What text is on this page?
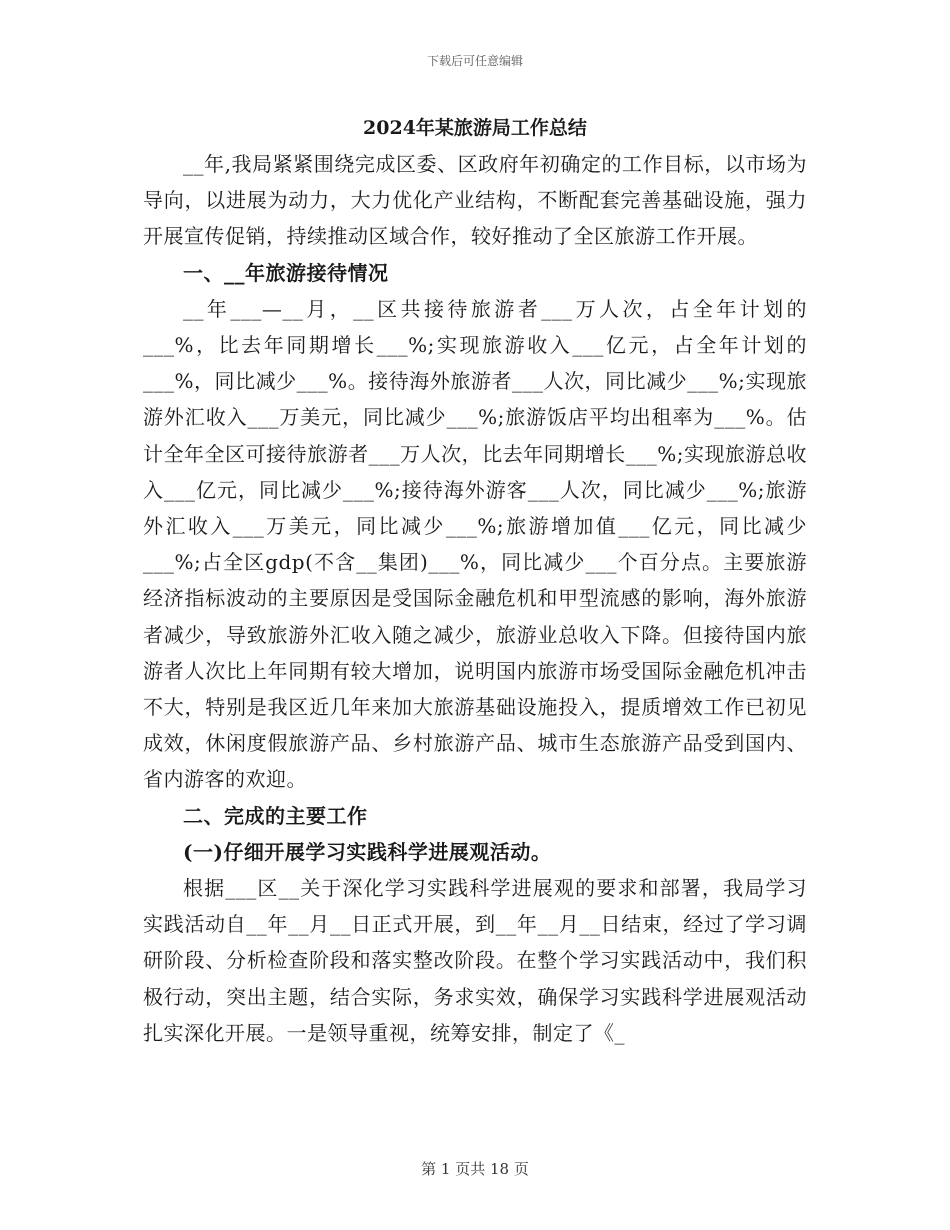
下载后可任意编辑
2024年某旅游局工作总结

__年,我局紧紧围绕完成区委、区政府年初确定的工作目标，以市场为导向，以进展为动力，大力优化产业结构，不断配套完善基础设施，强力开展宣传促销，持续推动区域合作，较好推动了全区旅游工作开展。

一、__年旅游接待情况

__年___—__月，__区共接待旅游者___万人次，占全年计划的___%，比去年同期增长___%;实现旅游收入___亿元，占全年计划的___%，同比减少___%。接待海外旅游者___人次，同比减少___%;实现旅游外汇收入___万美元，同比减少___%;旅游饭店平均出租率为___%。估计全年全区可接待旅游者___万人次，比去年同期增长___%;实现旅游总收入___亿元，同比减少___%;接待海外游客___人次，同比减少___%;旅游外汇收入___万美元，同比减少___%;旅游增加值___亿元，同比减少___%;占全区gdp(不含__集团)___%，同比减少___个百分点。主要旅游经济指标波动的主要原因是受国际金融危机和甲型流感的影响，海外旅游者减少，导致旅游外汇收入随之减少，旅游业总收入下降。但接待国内旅游者人次比上年同期有较大增加，说明国内旅游市场受国际金融危机冲击不大，特别是我区近几年来加大旅游基础设施投入，提质增效工作已初见成效，休闲度假旅游产品、乡村旅游产品、城市生态旅游产品受到国内、省内游客的欢迎。

二、完成的主要工作

(一)仔细开展学习实践科学进展观活动。

根据___区__关于深化学习实践科学进展观的要求和部署，我局学习实践活动自__年__月__日正式开展，到__年__月__日结束，经过了学习调研阶段、分析检查阶段和落实整改阶段。在整个学习实践活动中，我们积极行动，突出主题，结合实际，务求实效，确保学习实践科学进展观活动扎实深化开展。一是领导重视，统筹安排，制定了《_

第 1 页共 18 页
